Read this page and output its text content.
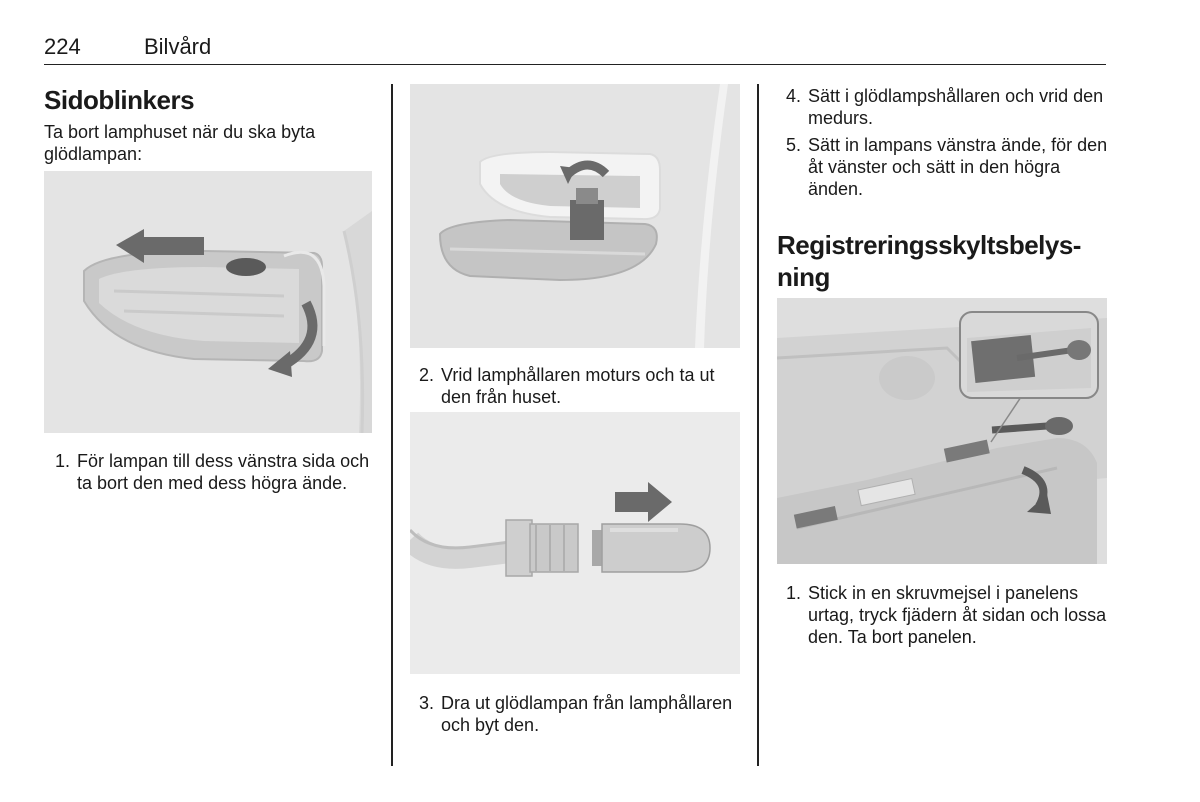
224	Bilvård
Sidoblinkers

Ta bort lamphuset när du ska byta glödlampan:

1. För lampan till dess vänstra sida och ta bort den med dess högra ände.
2. Vrid lamphållaren moturs och ta ut den från huset.
3. Dra ut glödlampan från lamphållaren och byt den.
4. Sätt i glödlampshållaren och vrid den medurs.
5. Sätt in lampans vänstra ände, för den åt vänster och sätt in den högra änden.
Registreringsskyltsbelys-
ning
1. Stick in en skruvmejsel i panelens urtag, tryck fjädern åt sidan och lossa den. Ta bort panelen.
